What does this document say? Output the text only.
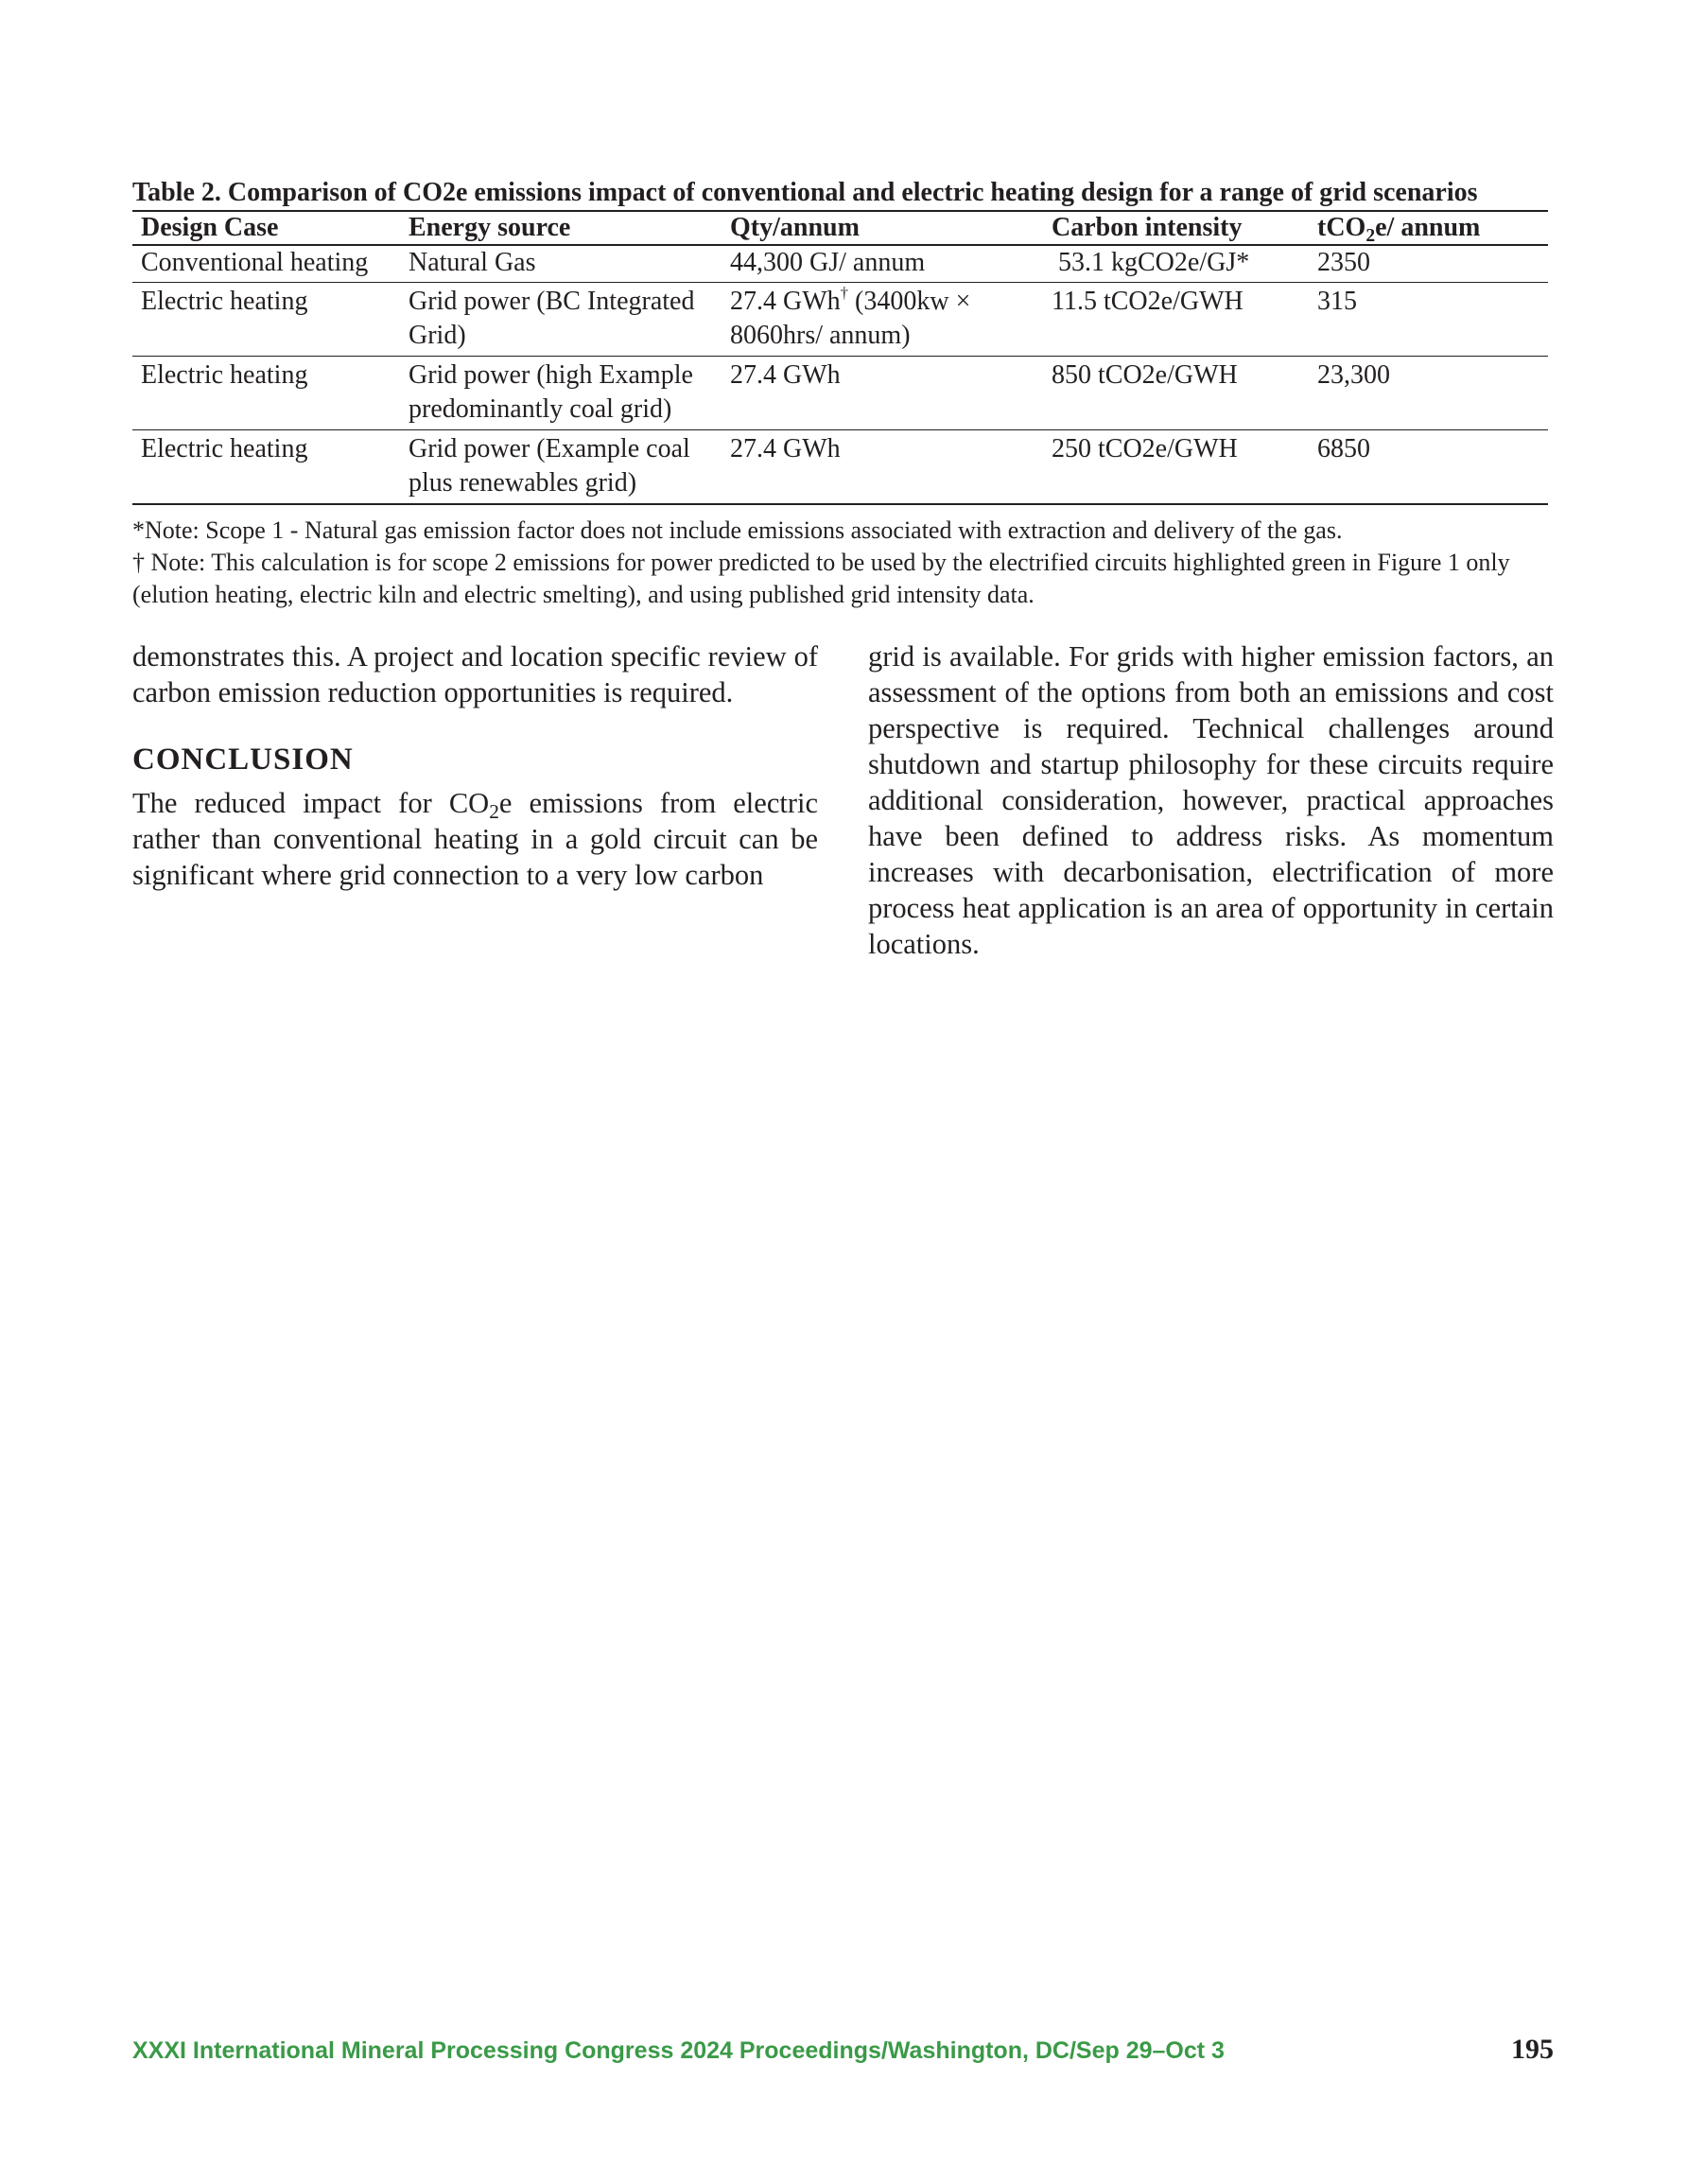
Table 2. Comparison of CO2e emissions impact of conventional and electric heating design for a range of grid scenarios

Design Case	Energy source	Qty/annum	Carbon intensity	tCO$_2$e/ annum
Conventional heating	Natural Gas	44,300 GJ/ annum	53.1 kgCO2e/GJ*	2350
Electric heating	Grid power (BC Integrated Grid)	27.4 GWh† (3400kw × 8060hrs/ annum)	11.5 tCO2e/GWH	315
Electric heating	Grid power (high Example predominantly coal grid)	27.4 GWh	850 tCO2e/GWH	23,300
Electric heating	Grid power (Example coal plus renewables grid)	27.4 GWh	250 tCO2e/GWH	6850

*Note: Scope 1 - Natural gas emission factor does not include emissions associated with extraction and delivery of the gas.

† Note: This calculation is for scope 2 emissions for power predicted to be used by the electrified circuits highlighted green in Figure 1 only (elution heating, electric kiln and electric smelting), and using published grid intensity data.

demonstrates this. A project and location specific review of carbon emission reduction opportunities is required.

CONCLUSION

The reduced impact for $CO_2e$ emissions from electric rather than conventional heating in a gold circuit can be significant where grid connection to a very low carbon

grid is available. For grids with higher emission factors, an assessment of the options from both an emissions and cost perspective is required. Technical challenges around shutdown and startup philosophy for these circuits require additional consideration, however, practical approaches have been defined to address risks. As momentum increases with decarbonisation, electrification of more process heat application is an area of opportunity in certain locations.

XXXI International Mineral Processing Congress 2024 Proceedings/Washington, DC/Sep 29–Oct 3	195
